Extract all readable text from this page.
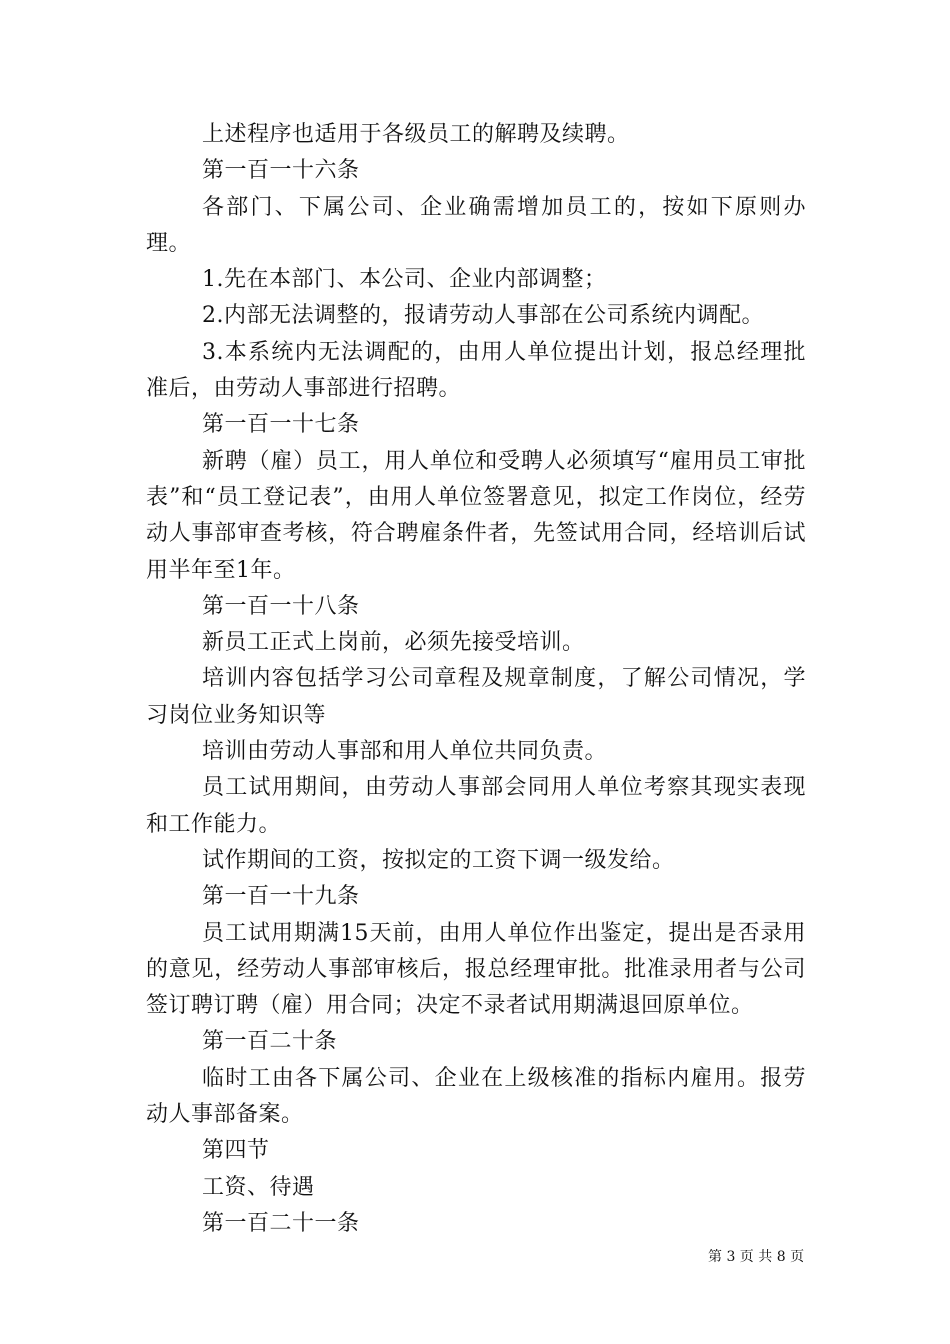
上述程序也适用于各级员工的解聘及续聘。

第一百一十六条

各部门、下属公司、企业确需增加员工的，按如下原则办理。

1.先在本部门、本公司、企业内部调整；

2.内部无法调整的，报请劳动人事部在公司系统内调配。

3.本系统内无法调配的，由用人单位提出计划，报总经理批准后，由劳动人事部进行招聘。

第一百一十七条

新聘（雇）员工，用人单位和受聘人必须填写“雇用员工审批表”和“员工登记表”，由用人单位签署意见，拟定工作岗位，经劳动人事部审查考核，符合聘雇条件者，先签试用合同，经培训后试用半年至1年。

第一百一十八条

新员工正式上岗前，必须先接受培训。

培训内容包括学习公司章程及规章制度，了解公司情况，学习岗位业务知识等

培训由劳动人事部和用人单位共同负责。

员工试用期间，由劳动人事部会同用人单位考察其现实表现和工作能力。

试作期间的工资，按拟定的工资下调一级发给。

第一百一十九条

员工试用期满15天前，由用人单位作出鉴定，提出是否录用的意见，经劳动人事部审核后，报总经理审批。批准录用者与公司签订聘订聘（雇）用合同；决定不录者试用期满退回原单位。

第一百二十条

临时工由各下属公司、企业在上级核准的指标内雇用。报劳动人事部备案。

第四节

工资、待遇

第一百二十一条

第 3 页 共 8 页
